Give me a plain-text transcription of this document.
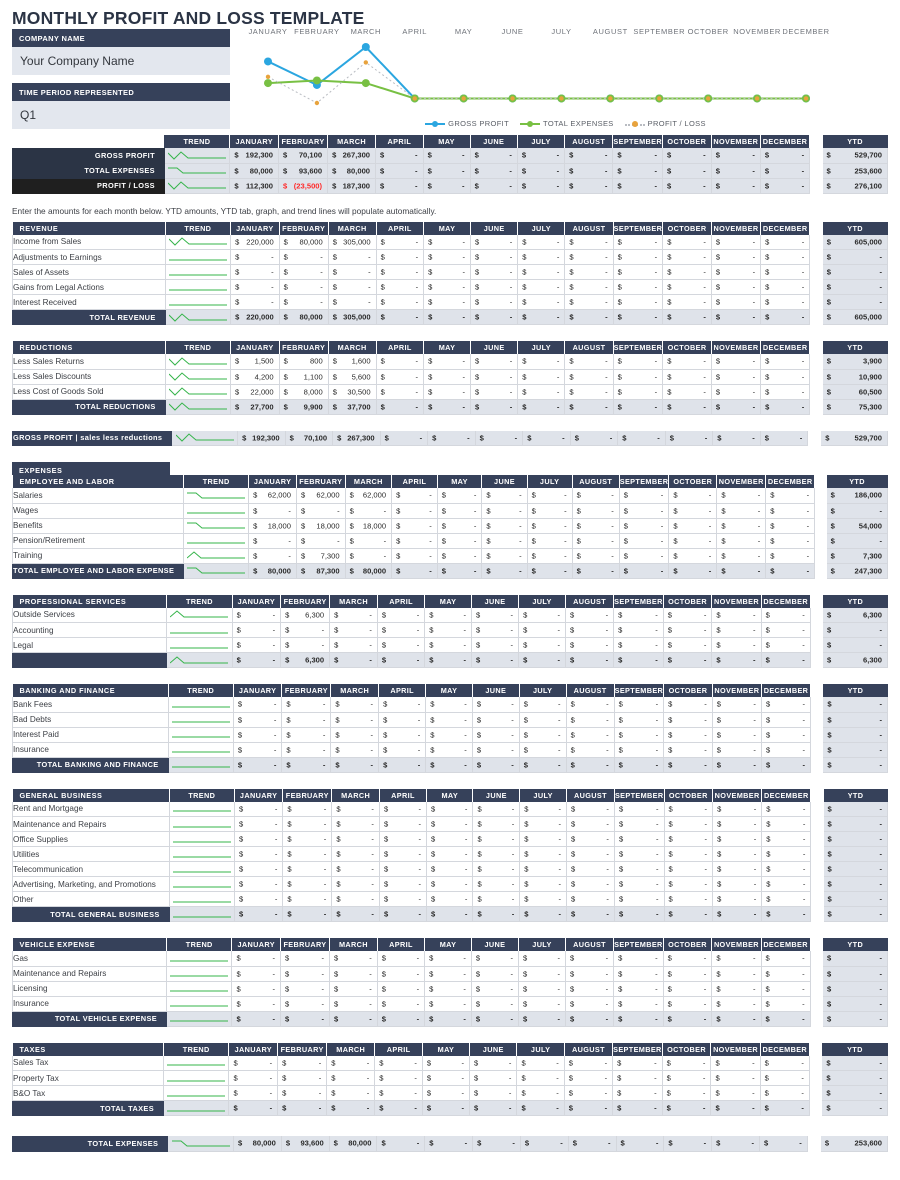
MONTHLY PROFIT AND LOSS TEMPLATE
COMPANY NAME
Your Company Name
TIME PERIOD REPRESENTED
Q1
JANUARY FEBRUARY MARCH	APRIL	MAY	JUNE	JULY	AUGUST SEPTEMBER OCTOBER NOVEMBER DECEMBER
GROSS PROFIT	TOTAL EXPENSES	PROFIT / LOSS
	TREND	JANUARY	FEBRUARY	MARCH	APRIL	MAY	JUNE	JULY	AUGUST	SEPTEMBER	OCTOBER	NOVEMBER	DECEMBER		YTD
GROSS PROFIT		$ 192,300	$ 70,100	$ 267,300	$ -	$ -	$ -	$ -	$ -	$ -	$ -	$ -	$ -		$ 529,700

TOTAL EXPENSES		$ 80,000	$ 93,600	$ 80,000	$ -	$ -	$ -	$ -	$ -	$ -	$ -	$ -	$ -		$ 253,600

PROFIT / LOSS		$ 112,300	$ (23,500)	$ 187,300	$ -	$ -	$ -	$ -	$ -	$ -	$ -	$ -	$ -		$ 276,100
Enter the amounts for each month below. YTD amounts, YTD tab, graph, and trend lines will populate automatically.
REVENUE	TREND	JANUARY	FEBRUARY	MARCH	APRIL	MAY	JUNE	JULY	AUGUST	SEPTEMBER	OCTOBER	NOVEMBER	DECEMBER		YTD
Income from Sales		$ 220,000	$ 80,000	$ 305,000	$ -	$ -	$ -	$ -	$ -	$ -	$ -	$ -	$ -		$ 605,000

Adjustments to Earnings		$ -	$ -	$ -	$ -	$ -	$ -	$ -	$ -	$ -	$ -	$ -	$ -		$ -

Sales of Assets		$ -	$ -	$ -	$ -	$ -	$ -	$ -	$ -	$ -	$ -	$ -	$ -		$ -

Gains from Legal Actions		$ -	$ -	$ -	$ -	$ -	$ -	$ -	$ -	$ -	$ -	$ -	$ -		$ -

Interest Received		$ -	$ -	$ -	$ -	$ -	$ -	$ -	$ -	$ -	$ -	$ -	$ -		$ -

TOTAL REVENUE		$ 220,000	$ 80,000	$ 305,000	$ -	$ -	$ -	$ -	$ -	$ -	$ -	$ -	$ -		$ 605,000
REDUCTIONS	TREND	JANUARY	FEBRUARY	MARCH	APRIL	MAY	JUNE	JULY	AUGUST	SEPTEMBER	OCTOBER	NOVEMBER	DECEMBER		YTD
Less Sales Returns		$ 1,500	$ 800	$ 1,600	$ -	$ -	$ -	$ -	$ -	$ -	$ -	$ -	$ -		$ 3,900

Less Sales Discounts		$ 4,200	$ 1,100	$ 5,600	$ -	$ -	$ -	$ -	$ -	$ -	$ -	$ -	$ -		$ 10,900

Less Cost of Goods Sold		$ 22,000	$ 8,000	$ 30,500	$ -	$ -	$ -	$ -	$ -	$ -	$ -	$ -	$ -		$ 60,500

TOTAL REDUCTIONS		$ 27,700	$ 9,900	$ 37,700	$ -	$ -	$ -	$ -	$ -	$ -	$ -	$ -	$ -		$ 75,300
GROSS PROFIT | sales less reductions		$ 192,300	$ 70,100	$ 267,300	$	-	$	-	$	-	$	-	$	-	$	-	$	-	$	-	$	-		$	529,700
EXPENSES
EMPLOYEE AND LABOR	TREND	JANUARY	FEBRUARY	MARCH	APRIL	MAY	JUNE	JULY	AUGUST	SEPTEMBER	OCTOBER	NOVEMBER	DECEMBER		YTD
Salaries		$ 62,000	$ 62,000	$ 62,000	$ -	$ -	$ -	$ -	$ -	$ -	$ -	$ -	$ -		$ 186,000

Wages		$ -	$ -	$ -	$ -	$ -	$ -	$ -	$ -	$ -	$ -	$ -	$ -		$ -

Benefits		$ 18,000	$ 18,000	$ 18,000	$ -	$ -	$ -	$ -	$ -	$ -	$ -	$ -	$ -		$ 54,000

Pension/Retirement		$ -	$ -	$ -	$ -	$ -	$ -	$ -	$ -	$ -	$ -	$ -	$ -		$ -

Training		$ -	$ 7,300	$ -	$ -	$ -	$ -	$ -	$ -	$ -	$ -	$ -	$ -		$ 7,300

TOTAL EMPLOYEE AND LABOR EXPENSE		$ 80,000	$ 87,300	$ 80,000	$ -	$ -	$ -	$ -	$ -	$ -	$ -	$ -	$ -		$ 247,300
PROFESSIONAL SERVICES	TREND	JANUARY	FEBRUARY	MARCH	APRIL	MAY	JUNE	JULY	AUGUST	SEPTEMBER	OCTOBER	NOVEMBER	DECEMBER		YTD
Outside Services		$ -	$ 6,300	$ -	$ -	$ -	$ -	$ -	$ -	$ -	$ -	$ -	$ -		$ 6,300

Accounting		$ -	$ -	$ -	$ -	$ -	$ -	$ -	$ -	$ -	$ -	$ -	$ -		$ -

Legal		$ -	$ -	$ -	$ -	$ -	$ -	$ -	$ -	$ -	$ -	$ -	$ -		$ -

$ -	$ 6,300	$ -	$ -	$ -	$ -	$ -	$ -	$ -	$ -	$ -	$ -		$ 6,300
BANKING AND FINANCE	TREND	JANUARY	FEBRUARY	MARCH	APRIL	MAY	JUNE	JULY	AUGUST	SEPTEMBER	OCTOBER	NOVEMBER	DECEMBER		YTD
Bank Fees		$ -	$ -	$ -	$ -	$ -	$ -	$ -	$ -	$ -	$ -	$ -	$ -		$ -

Bad Debts		$ -	$ -	$ -	$ -	$ -	$ -	$ -	$ -	$ -	$ -	$ -	$ -		$ -

Interest Paid		$ -	$ -	$ -	$ -	$ -	$ -	$ -	$ -	$ -	$ -	$ -	$ -		$ -

Insurance		$ -	$ -	$ -	$ -	$ -	$ -	$ -	$ -	$ -	$ -	$ -	$ -		$ -

TOTAL BANKING AND FINANCE		$ -	$ -	$ -	$ -	$ -	$ -	$ -	$ -	$ -	$ -	$ -	$ -		$ -
GENERAL BUSINESS	TREND	JANUARY	FEBRUARY	MARCH	APRIL	MAY	JUNE	JULY	AUGUST	SEPTEMBER	OCTOBER	NOVEMBER	DECEMBER		YTD
Rent and Mortgage		$ -	$ -	$ -	$ -	$ -	$ -	$ -	$ -	$ -	$ -	$ -	$ -		$ -

Maintenance and Repairs		$ -	$ -	$ -	$ -	$ -	$ -	$ -	$ -	$ -	$ -	$ -	$ -		$ -

Office Supplies		$ -	$ -	$ -	$ -	$ -	$ -	$ -	$ -	$ -	$ -	$ -	$ -		$ -

Utilities		$ -	$ -	$ -	$ -	$ -	$ -	$ -	$ -	$ -	$ -	$ -	$ -		$ -

Telecommunication		$ -	$ -	$ -	$ -	$ -	$ -	$ -	$ -	$ -	$ -	$ -	$ -		$ -

Advertising, Marketing, and Promotions		$ -	$ -	$ -	$ -	$ -	$ -	$ -	$ -	$ -	$ -	$ -	$ -		$ -

Other		$ -	$ -	$ -	$ -	$ -	$ -	$ -	$ -	$ -	$ -	$ -	$ -		$ -

TOTAL GENERAL BUSINESS		$ -	$ -	$ -	$ -	$ -	$ -	$ -	$ -	$ -	$ -	$ -	$ -		$ -
VEHICLE EXPENSE	TREND	JANUARY	FEBRUARY	MARCH	APRIL	MAY	JUNE	JULY	AUGUST	SEPTEMBER	OCTOBER	NOVEMBER	DECEMBER		YTD
Gas		$ -	$ -	$ -	$ -	$ -	$ -	$ -	$ -	$ -	$ -	$ -	$ -		$ -

Maintenance and Repairs		$ -	$ -	$ -	$ -	$ -	$ -	$ -	$ -	$ -	$ -	$ -	$ -		$ -

Licensing		$ -	$ -	$ -	$ -	$ -	$ -	$ -	$ -	$ -	$ -	$ -	$ -		$ -

Insurance		$ -	$ -	$ -	$ -	$ -	$ -	$ -	$ -	$ -	$ -	$ -	$ -		$ -

TOTAL VEHICLE EXPENSE		$ -	$ -	$ -	$ -	$ -	$ -	$ -	$ -	$ -	$ -	$ -	$ -		$ -
TAXES	TREND	JANUARY	FEBRUARY	MARCH	APRIL	MAY	JUNE	JULY	AUGUST	SEPTEMBER	OCTOBER	NOVEMBER	DECEMBER		YTD
Sales Tax		$ -	$ -	$ -	$ -	$ -	$ -	$ -	$ -	$ -	$ -	$ -	$ -		$ -

Property Tax		$ -	$ -	$ -	$ -	$ -	$ -	$ -	$ -	$ -	$ -	$ -	$ -		$ -

B&O Tax		$ -	$ -	$ -	$ -	$ -	$ -	$ -	$ -	$ -	$ -	$ -	$ -		$ -

TOTAL TAXES		$ -	$ -	$ -	$ -	$ -	$ -	$ -	$ -	$ -	$ -	$ -	$ -		$ -
TOTAL EXPENSES		$ 80,000	$ 93,600	$ 80,000	$	-	$	-	$	-	$	-	$	-	$	-	$	-	$	-	$	-		$	253,600
